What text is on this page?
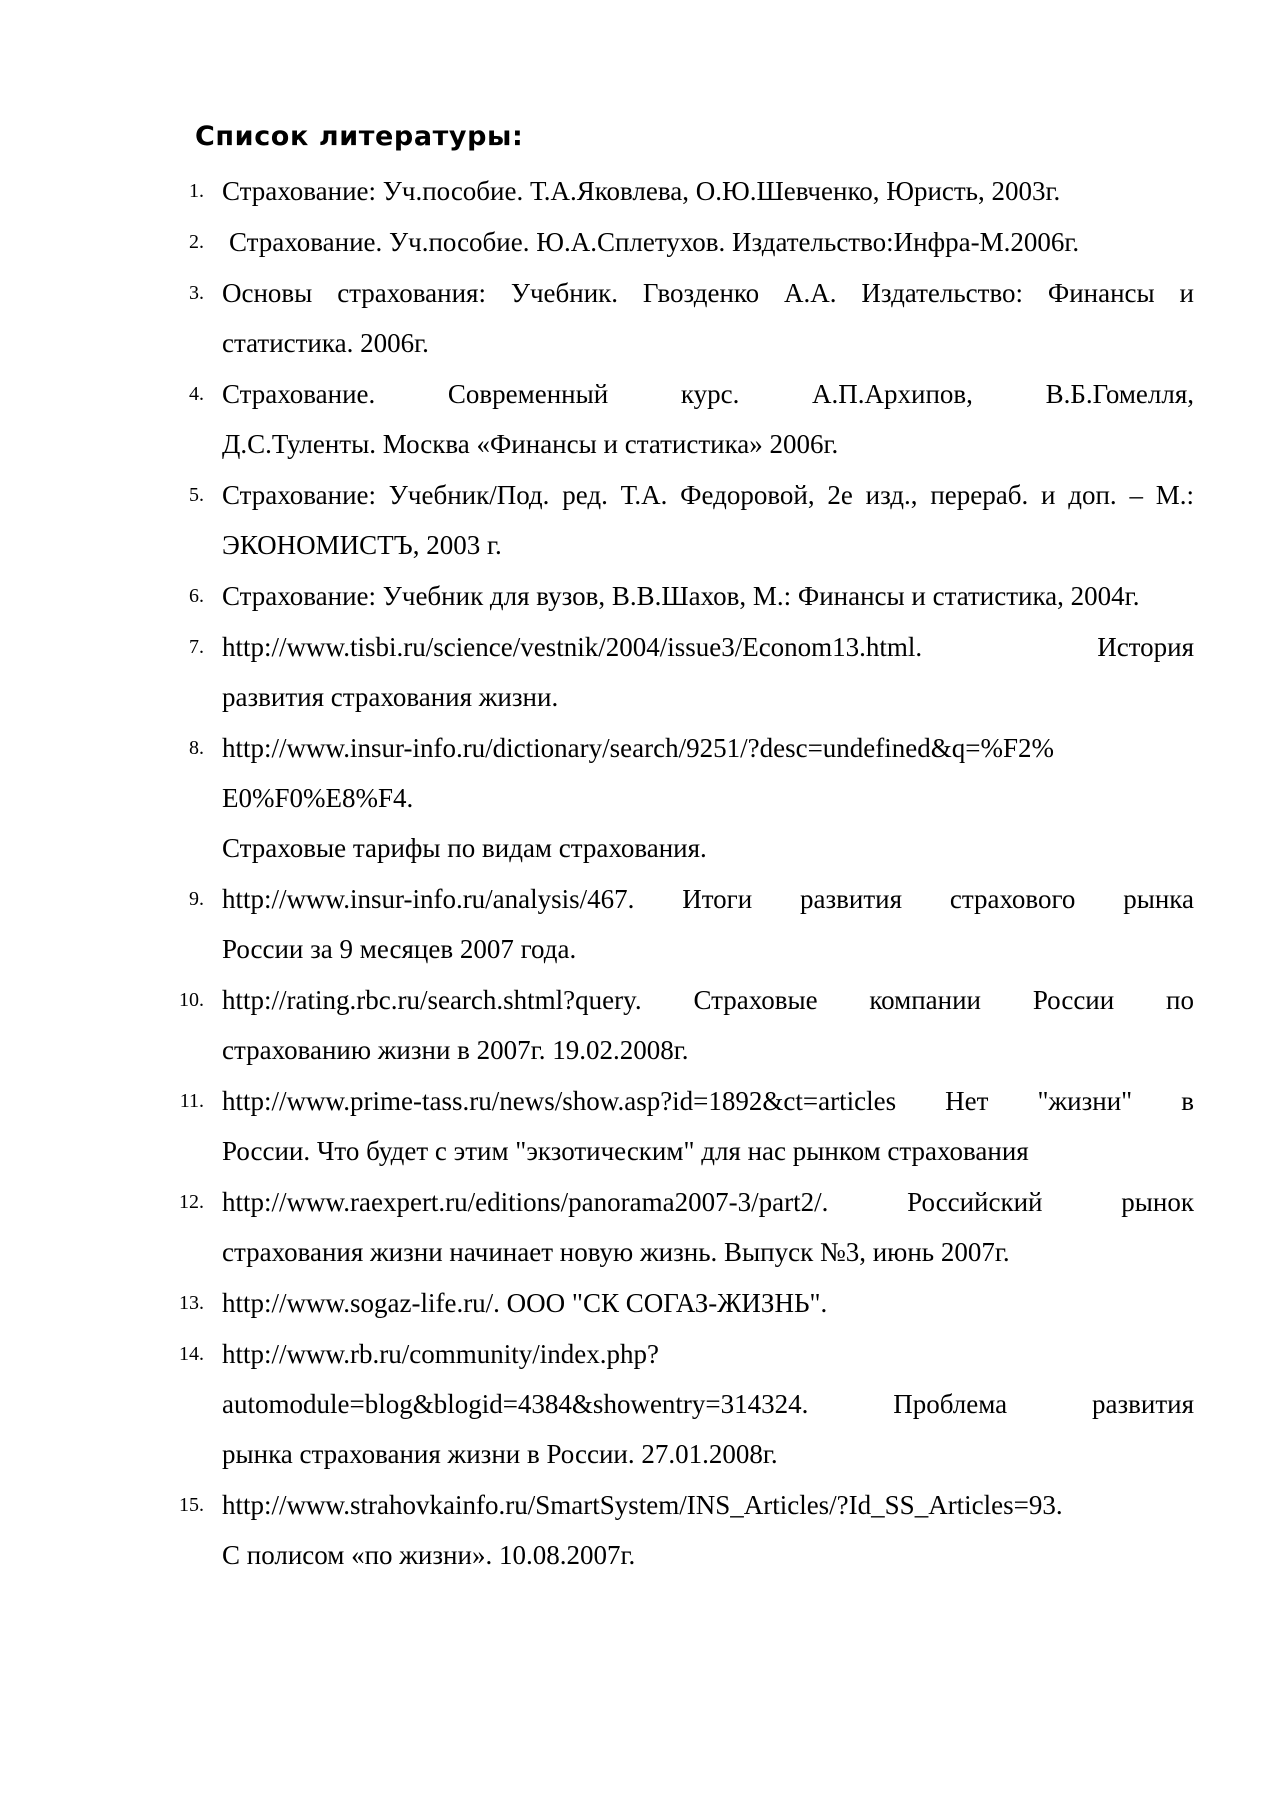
Список литературы:
1. Страхование: Уч.пособие. Т.А.Яковлева, О.Ю.Шевченко, Юристь, 2003г.
2. Страхование. Уч.пособие. Ю.А.Сплетухов. Издательство:Инфра-М.2006г.
3. Основы страхования: Учебник. Гвозденко А.А. Издательство: Финансы и статистика. 2006г.
4. Страхование. Современный курс. А.П.Архипов, В.Б.Гомелля,
Д.С.Туленты. Москва «Финансы и статистика» 2006г.
5. Страхование: Учебник/Под. ред. Т.А. Федоровой, 2е изд., перераб. и доп. – М.: ЭКОНОМИСТЪ, 2003 г.
6. Страхование: Учебник для вузов, В.В.Шахов, М.: Финансы и статистика, 2004г.
7. http://www.tisbi.ru/science/vestnik/2004/issue3/Econom13.html. История
развития страхования жизни.
8. http://www.insur-info.ru/dictionary/search/9251/?desc=undefined&q=%F2%
E0%F0%E8%F4.
Страховые тарифы по видам страхования.
9. http://www.insur-info.ru/analysis/467. Итоги развития страхового рынка
России за 9 месяцев 2007 года.
10. http://rating.rbc.ru/search.shtml?query. Страховые компании России по
страхованию жизни в 2007г. 19.02.2008г.
11. http://www.prime-tass.ru/news/show.asp?id=1892&ct=articles Нет "жизни" в
России. Что будет с этим "экзотическим" для нас рынком страхования
12. http://www.raexpert.ru/editions/panorama2007-3/part2/. Российский рынок
страхования жизни начинает новую жизнь. Выпуск №3, июнь 2007г.
13. http://www.sogaz-life.ru/. ООО "СК СОГАЗ-ЖИЗНЬ".
14. http://www.rb.ru/community/index.php?
automodule=blog&blogid=4384&showentry=314324. Проблема развития
рынка страхования жизни в России. 27.01.2008г.
15. http://www.strahovkainfo.ru/SmartSystem/INS_Articles/?Id_SS_Articles=93.
С полисом «по жизни». 10.08.2007г.
